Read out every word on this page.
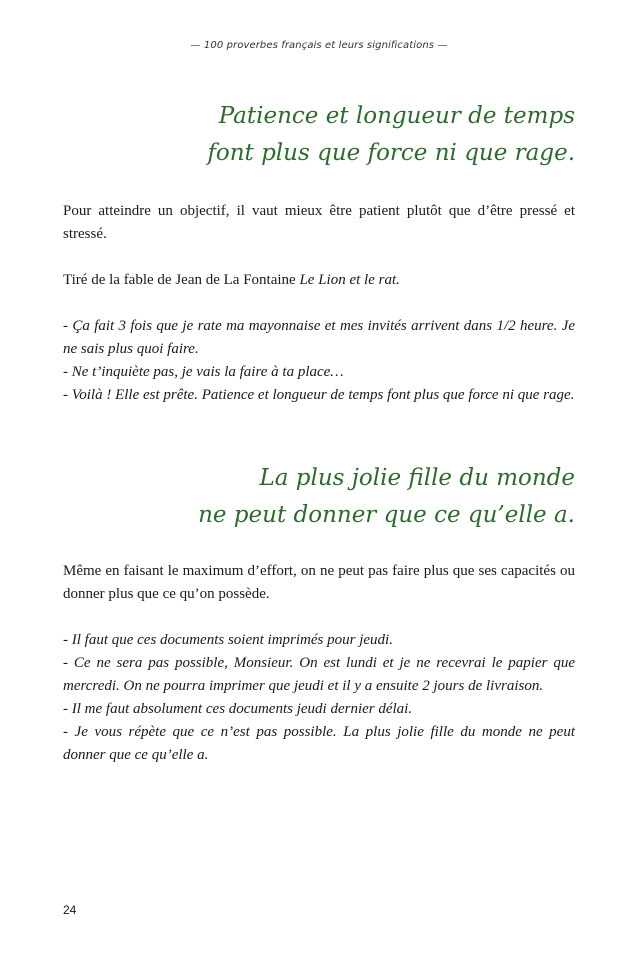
— 100 proverbes français et leurs significations —
Patience et longueur de temps
font plus que force ni que rage.

Pour atteindre un objectif, il vaut mieux être patient plutôt que d’être pressé et stressé.

Tiré de la fable de Jean de La Fontaine Le Lion et le rat.

- Ça fait 3 fois que je rate ma mayonnaise et mes invités arrivent dans 1/2 heure. Je ne sais plus quoi faire.
- Ne t’inquiète pas, je vais la faire à ta place…
- Voilà ! Elle est prête. Patience et longueur de temps font plus que force ni que rage.

La plus jolie fille du monde
ne peut donner que ce qu’elle a.

Même en faisant le maximum d’effort, on ne peut pas faire plus que ses capacités ou donner plus que ce qu’on possède.

- Il faut que ces documents soient imprimés pour jeudi.
- Ce ne sera pas possible, Monsieur. On est lundi et je ne recevrai le papier que mercredi. On ne pourra imprimer que jeudi et il y a ensuite 2 jours de livraison.
- Il me faut absolument ces documents jeudi dernier délai.
- Je vous répète que ce n’est pas possible. La plus jolie fille du monde ne peut donner que ce qu’elle a.

24
